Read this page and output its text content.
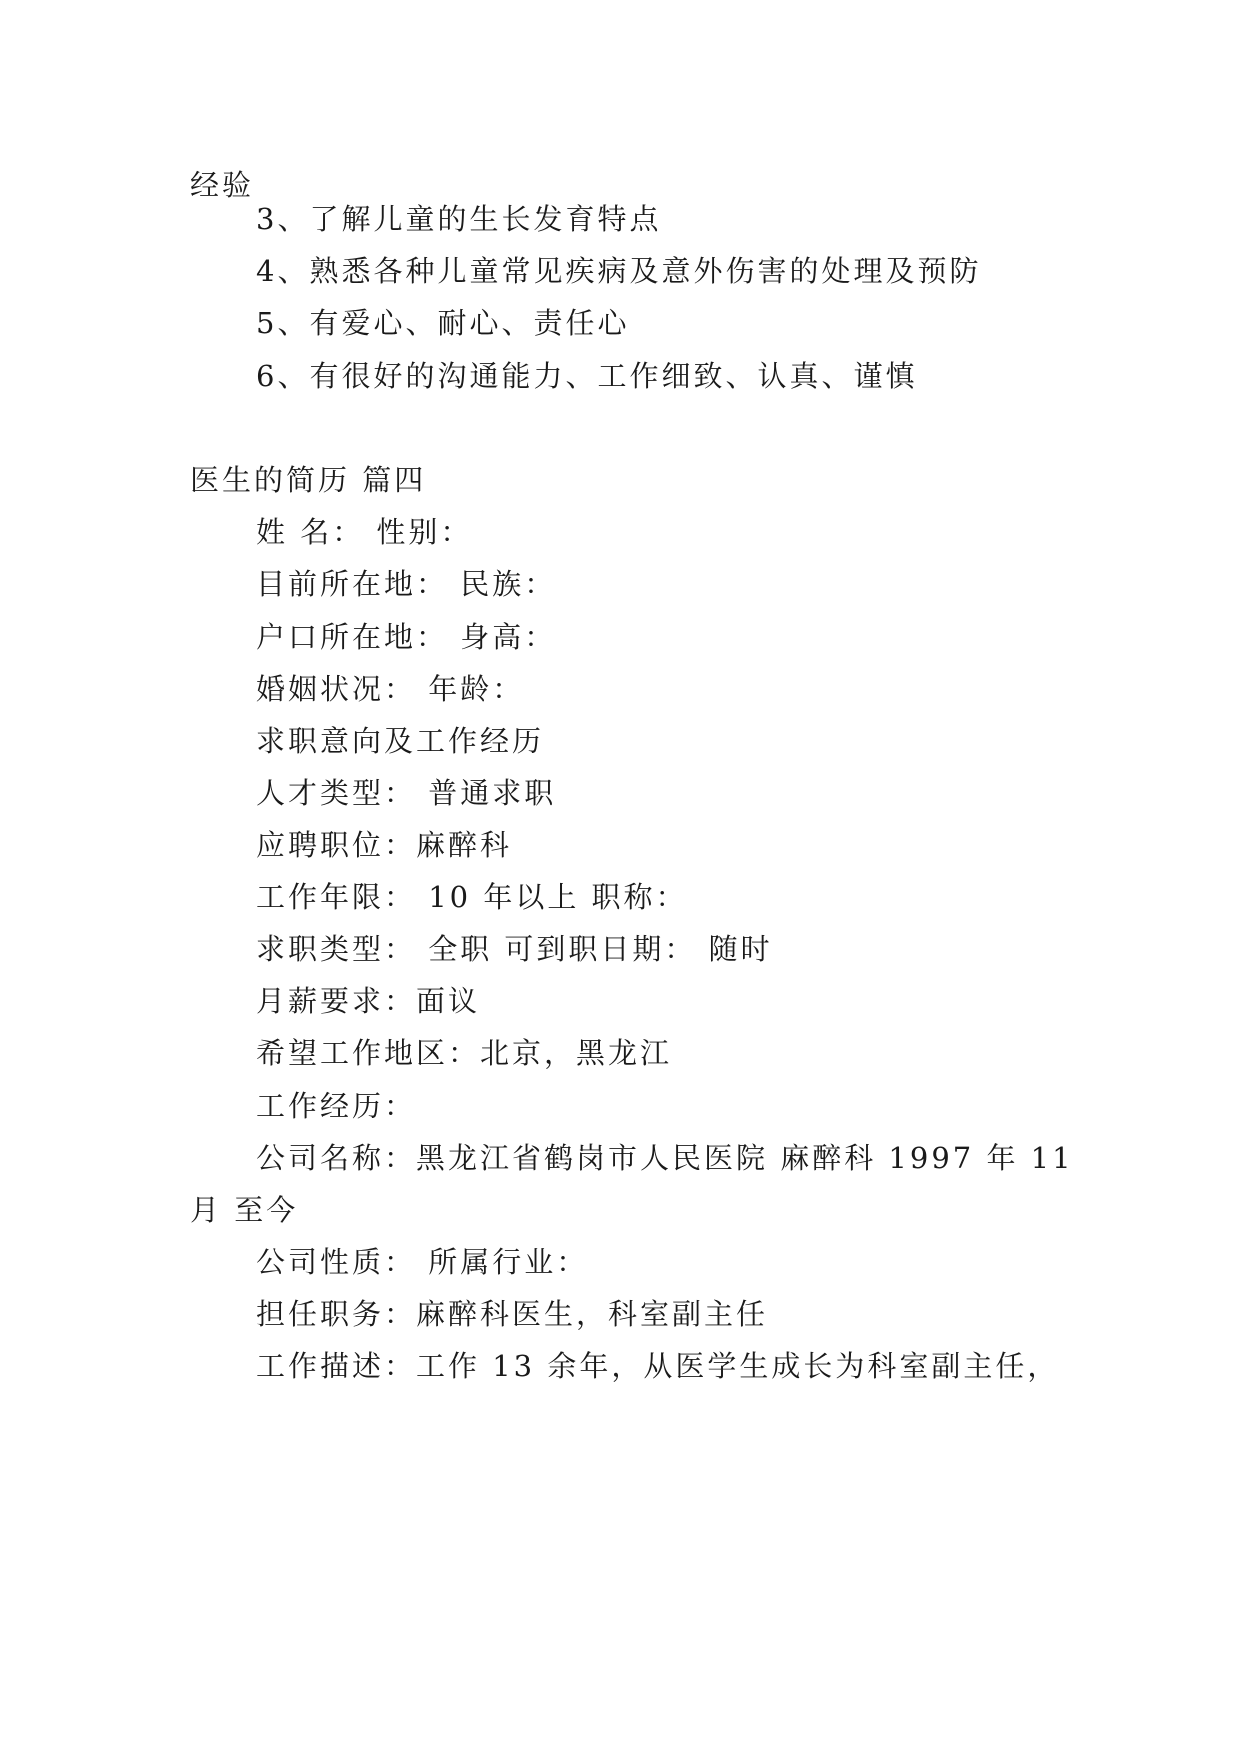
经验
3、了解儿童的生长发育特点
4、熟悉各种儿童常见疾病及意外伤害的处理及预防
5、有爱心、耐心、责任心
6、有很好的沟通能力、工作细致、认真、谨慎
医生的简历 篇四
姓 名： 性别：
目前所在地： 民族：
户口所在地： 身高：
婚姻状况： 年龄：
求职意向及工作经历
人才类型： 普通求职
应聘职位：麻醉科
工作年限： 10 年以上 职称：
求职类型： 全职 可到职日期： 随时
月薪要求：面议
希望工作地区：北京，黑龙江
工作经历：
公司名称：黑龙江省鹤岗市人民医院 麻醉科 1997 年 11
月 至今
公司性质： 所属行业：
担任职务：麻醉科医生，科室副主任
工作描述：工作 13 余年，从医学生成长为科室副主任，
